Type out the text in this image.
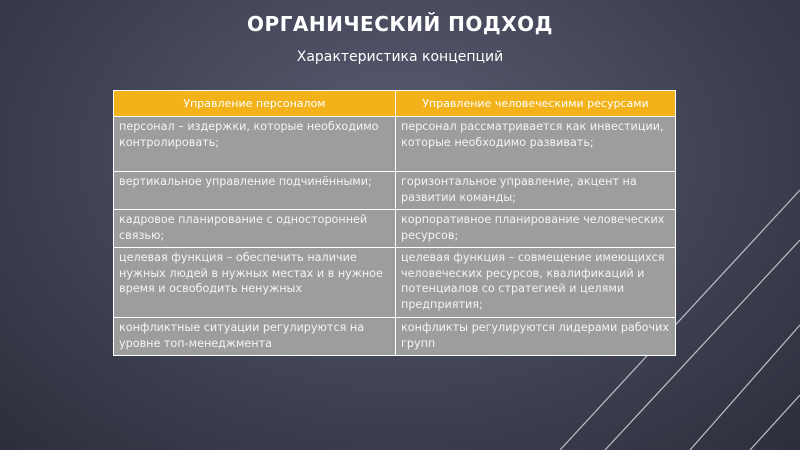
ОРГАНИЧЕСКИЙ ПОДХОД
Характеристика концепций
Управление персоналом	Управление человеческими ресурсами
персонал – издержки, которые необходимо контролировать;	персонал рассматривается как инвестиции, которые необходимо развивать;
вертикальное управление подчинёнными;	горизонтальное управление, акцент на развитии команды;
кадровое планирование с односторонней связью;	корпоративное планирование человеческих ресурсов;
целевая функция – обеспечить наличие нужных людей в нужных местах и в нужное время и освободить ненужных	целевая функция – совмещение имеющихся человеческих ресурсов, квалификаций и потенциалов со стратегией и целями предприятия;
конфликтные ситуации регулируются на уровне топ-менеджмента	конфликты регулируются лидерами рабочих групп
